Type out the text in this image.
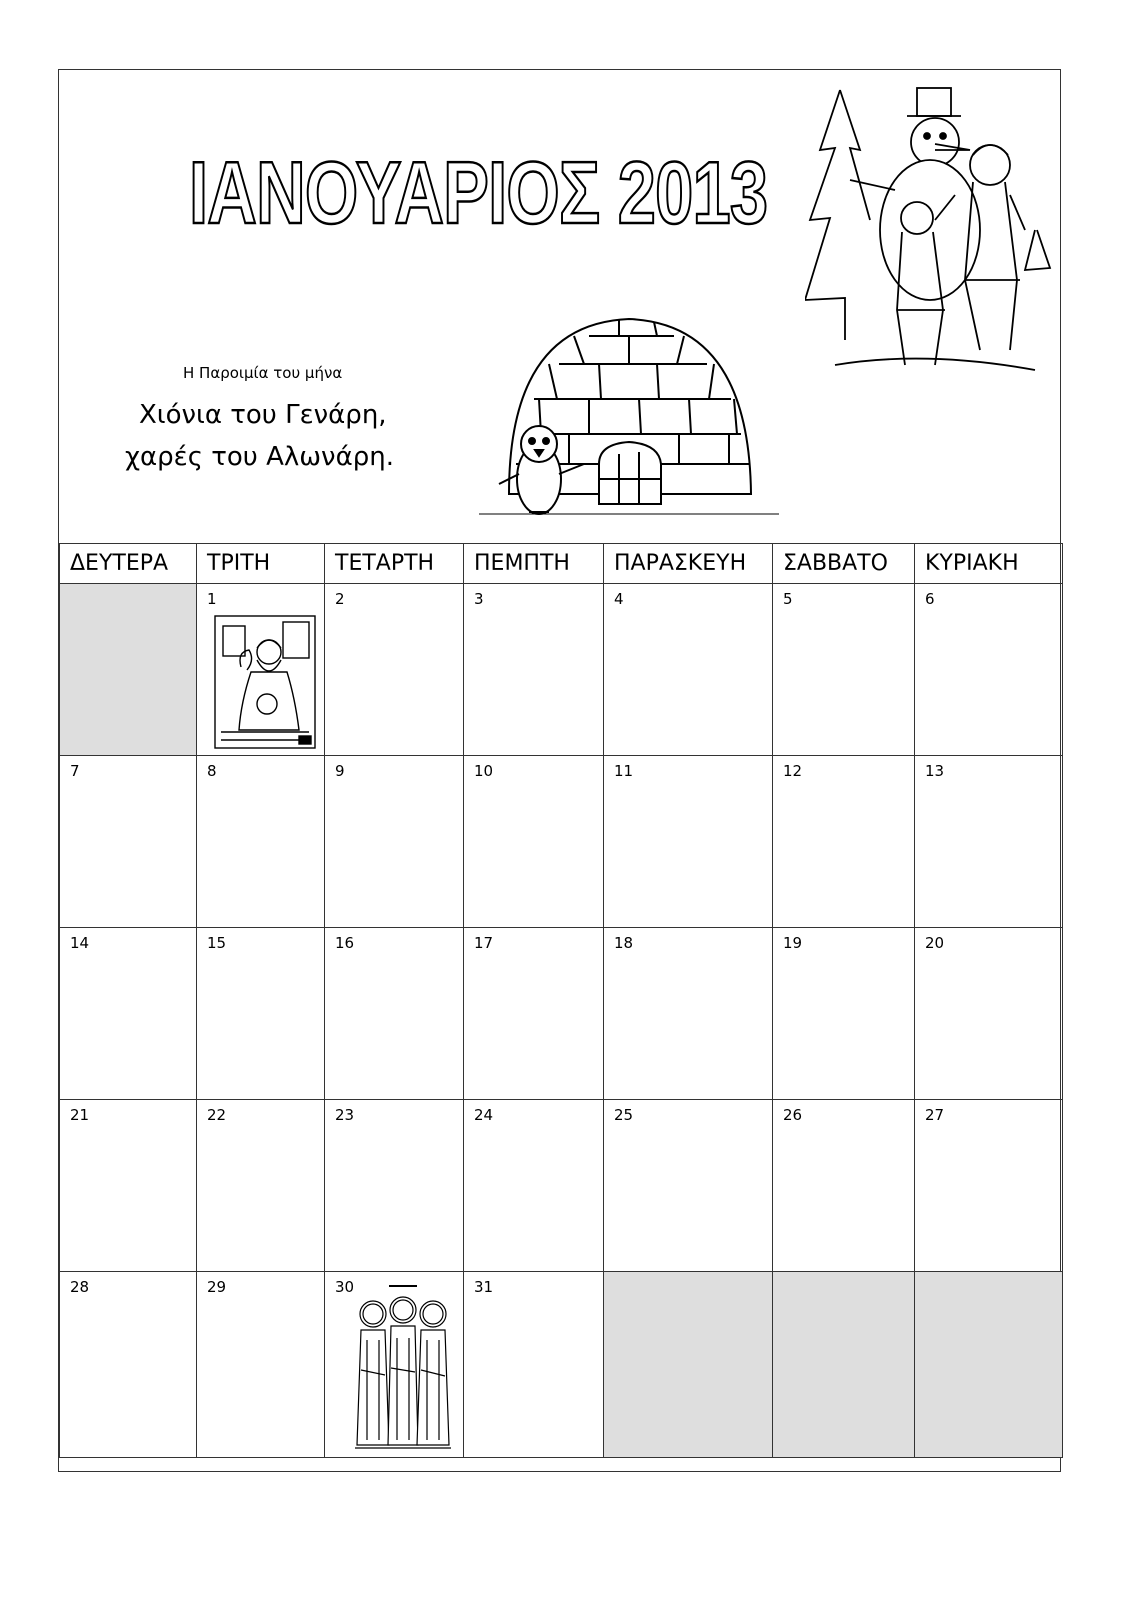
ΙΑΝΟΥΑΡΙΟΣ 2013
Η Παροιμία του μήνα
Χιόνια του Γενάρη,
χαρές του Αλωνάρη.
ΔΕΥΤΕΡΑ	ΤΡΙΤΗ	ΤΕΤΑΡΤΗ	ΠΕΜΠΤΗ	ΠΑΡΑΣΚΕΥΗ	ΣΑΒΒΑΤΟ	ΚΥΡΙΑΚΗ

	1	2	3	4	5	6

7	8	9	10	11	12	13

14	15	16	17	18	19	20

21	22	23	24	25	26	27

28	29	30	31			
